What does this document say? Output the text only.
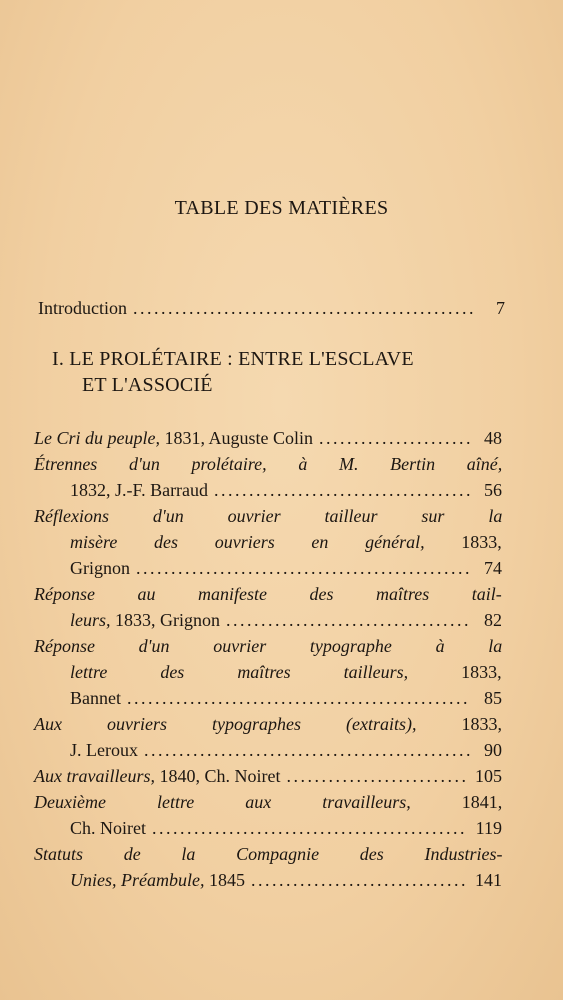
TABLE DES MATIÈRES
Introduction . . .	7
I. LE PROLÉTAIRE : ENTRE L'ESCLAVE
ET L'ASSOCIÉ
Le Cri du peuple, 1831, Auguste Colin . . .	48
Étrennes d'un prolétaire, à M. Bertin aîné,
1832, J.-F. Barraud . . .	56
Réflexions d'un ouvrier tailleur sur la
misère des ouvriers en général, 1833,
Grignon . . .	74
Réponse au manifeste des maîtres tail-
leurs, 1833, Grignon . . .	82
Réponse d'un ouvrier typographe à la
lettre des maîtres tailleurs, 1833,
Bannet . . .	85
Aux ouvriers typographes (extraits), 1833,
J. Leroux . . .	90
Aux travailleurs, 1840, Ch. Noiret . . .	105
Deuxième lettre aux travailleurs, 1841,
Ch. Noiret . . .	119
Statuts de la Compagnie des Industries-
Unies, Préambule, 1845 . . .	141
